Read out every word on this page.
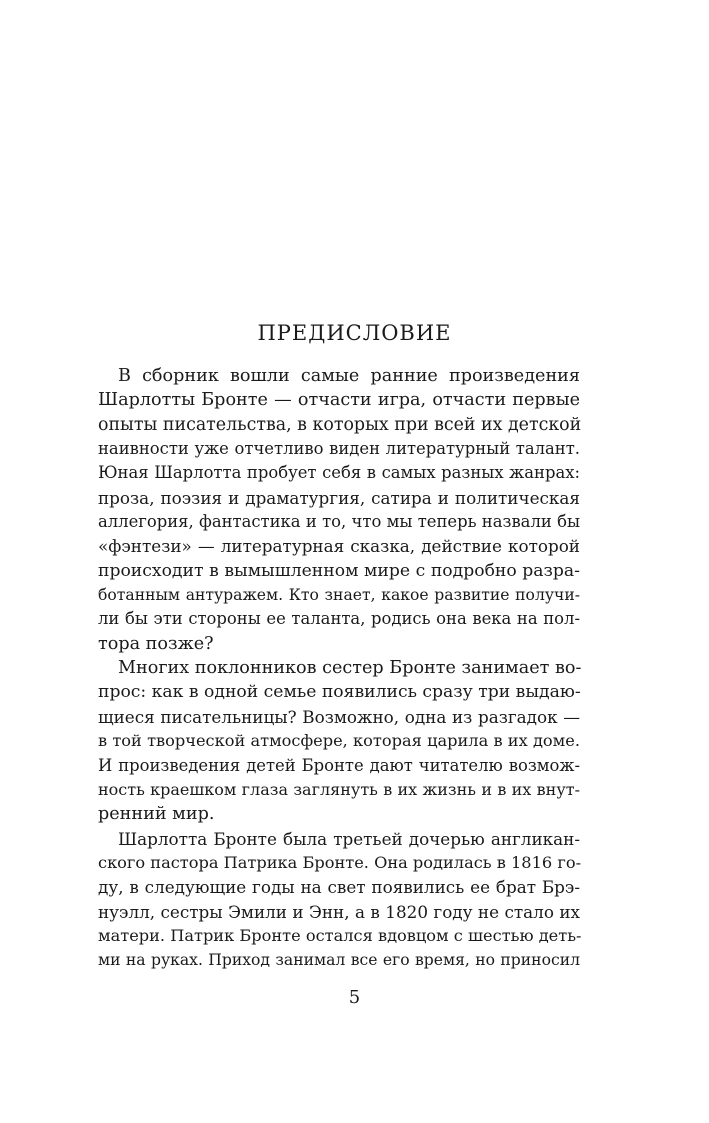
ПРЕДИСЛОВИЕ
В сборник вошли самые ранние произведения
Шарлотты Бронте — отчасти игра, отчасти первые
опыты писательства, в которых при всей их детской
наивности уже отчетливо виден литературный талант.
Юная Шарлотта пробует себя в самых разных жанрах:
проза, поэзия и драматургия, сатира и политическая
аллегория, фантастика и то, что мы теперь назвали бы
«фэнтези» — литературная сказка, действие которой
происходит в вымышленном мире с подробно разра-
ботанным антуражем. Кто знает, какое развитие получи-
ли бы эти стороны ее таланта, родись она века на пол-
тора позже?
Многих поклонников сестер Бронте занимает во-
прос: как в одной семье появились сразу три выдаю-
щиеся писательницы? Возможно, одна из разгадок —
в той творческой атмосфере, которая царила в их доме.
И произведения детей Бронте дают читателю возмож-
ность краешком глаза заглянуть в их жизнь и в их внут-
ренний мир.
Шарлотта Бронте была третьей дочерью англикан-
ского пастора Патрика Бронте. Она родилась в 1816 го-
ду, в следующие годы на свет появились ее брат Брэ-
нуэлл, сестры Эмили и Энн, а в 1820 году не стало их
матери. Патрик Бронте остался вдовцом с шестью деть-
ми на руках. Приход занимал все его время, но приносил
5
